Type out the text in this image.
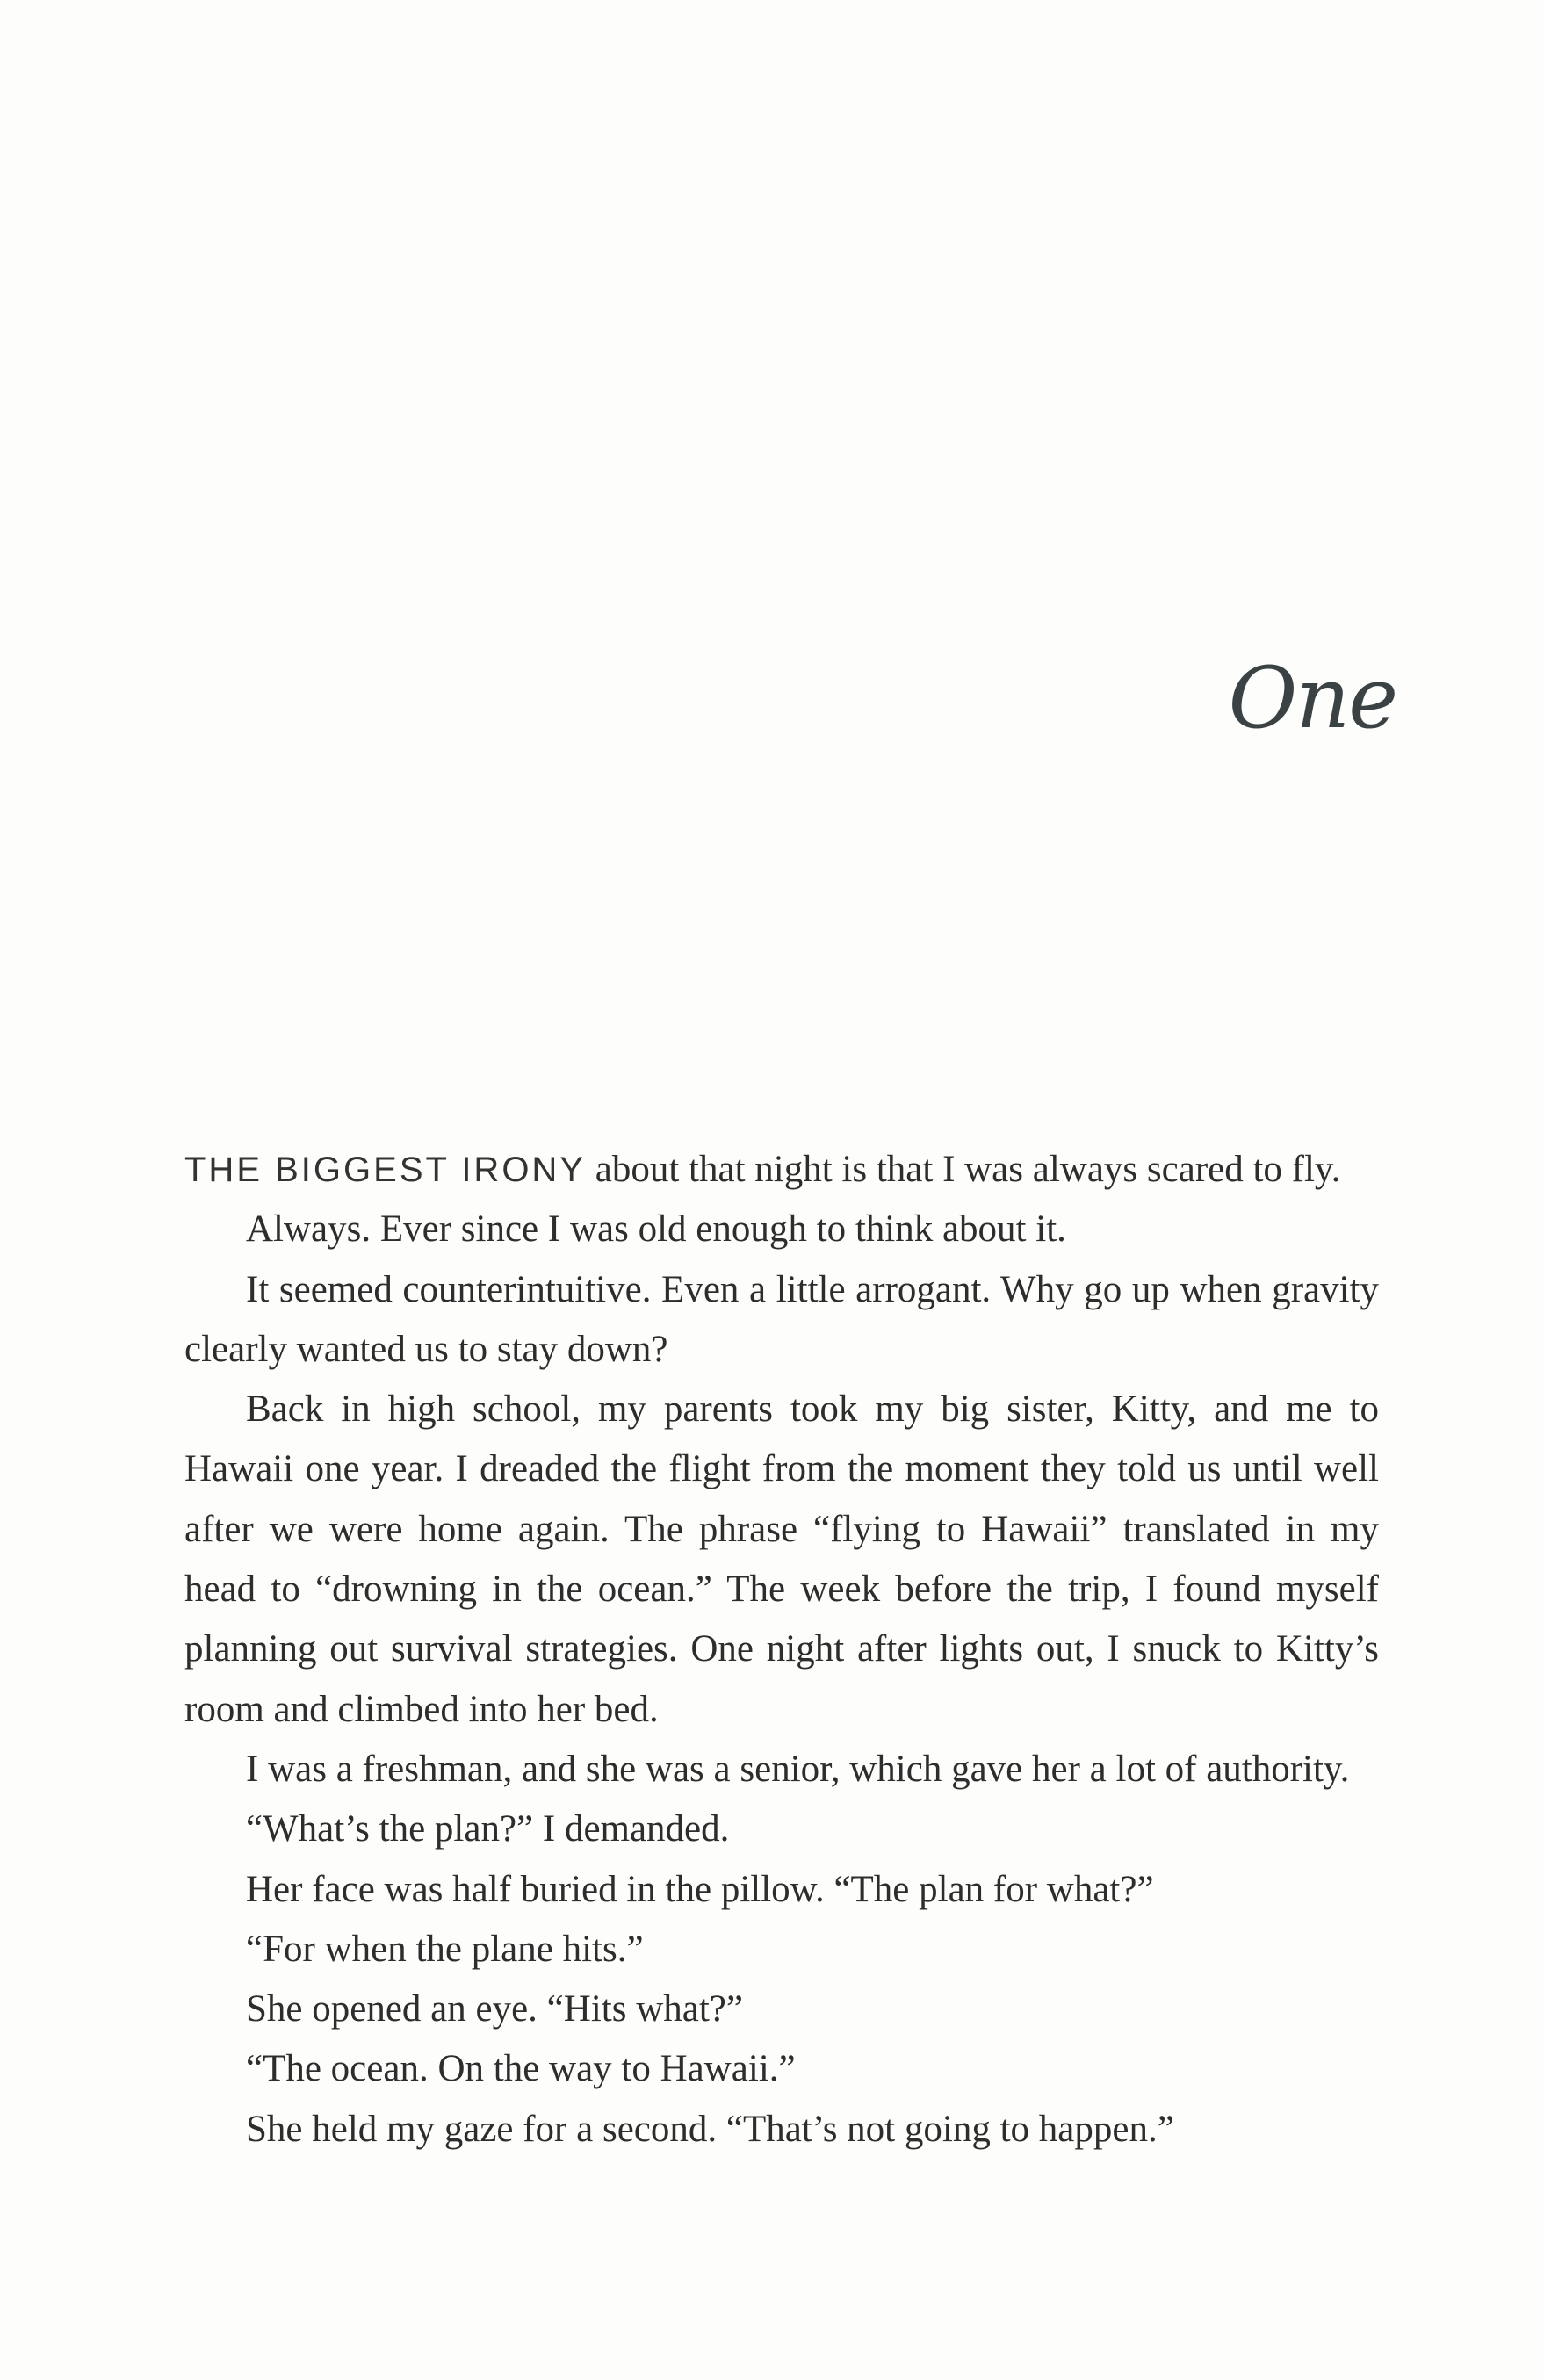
One

THE BIGGEST IRONY about that night is that I was always scared to fly.

Always. Ever since I was old enough to think about it.

It seemed counterintuitive. Even a little arrogant. Why go up when gravity clearly wanted us to stay down?

Back in high school, my parents took my big sister, Kitty, and me to Hawaii one year. I dreaded the flight from the moment they told us until well after we were home again. The phrase “flying to Hawaii” translated in my head to “drowning in the ocean.” The week before the trip, I found myself planning out survival strategies. One night after lights out, I snuck to Kitty’s room and climbed into her bed.

I was a freshman, and she was a senior, which gave her a lot of authority.

“What’s the plan?” I demanded.

Her face was half buried in the pillow. “The plan for what?”

“For when the plane hits.”

She opened an eye. “Hits what?”

“The ocean. On the way to Hawaii.”

She held my gaze for a second. “That’s not going to happen.”
